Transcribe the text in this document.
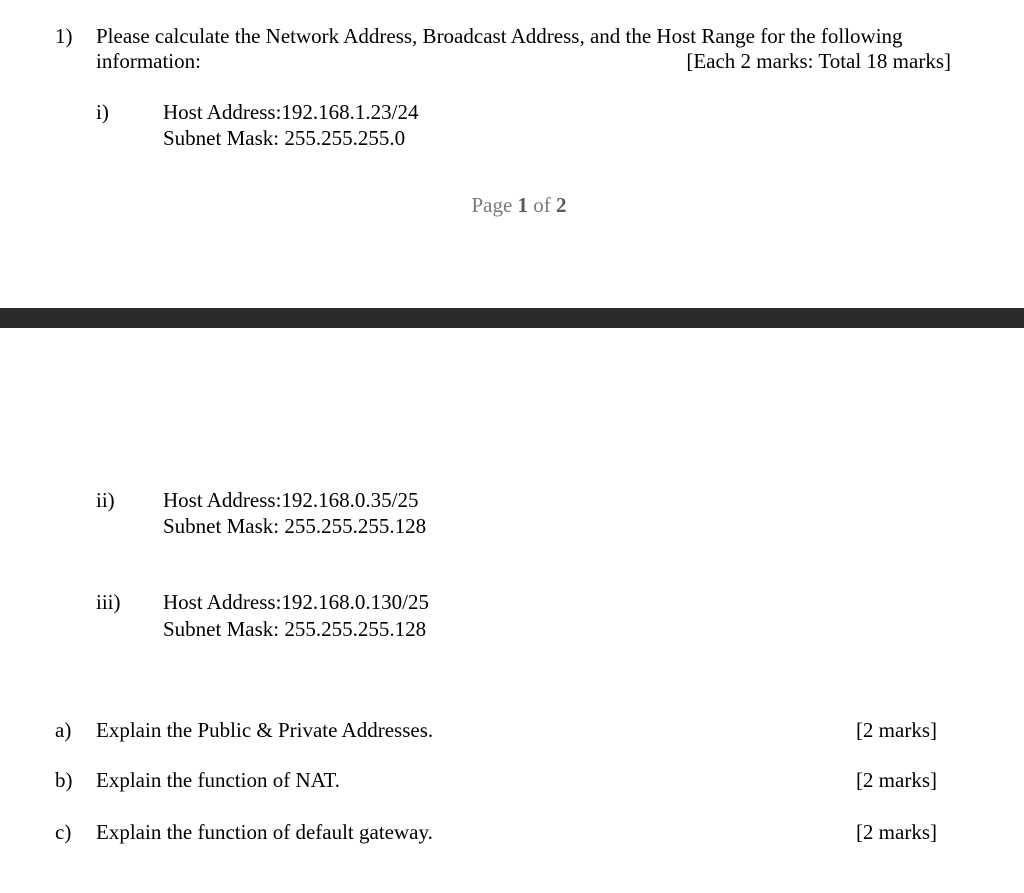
1) Please calculate the Network Address, Broadcast Address, and the Host Range for the following
information:	[Each 2 marks: Total 18 marks]
i)	Host Address:192.168.1.23/24
Subnet Mask: 255.255.255.0
Page 1 of 2
ii) Host Address:192.168.0.35/25
Subnet Mask: 255.255.255.128
iii) Host Address:192.168.0.130/25
Subnet Mask: 255.255.255.128
a) Explain the Public & Private Addresses.	[2 marks]
b) Explain the function of NAT.	[2 marks]
c) Explain the function of default gateway.	[2 marks]
